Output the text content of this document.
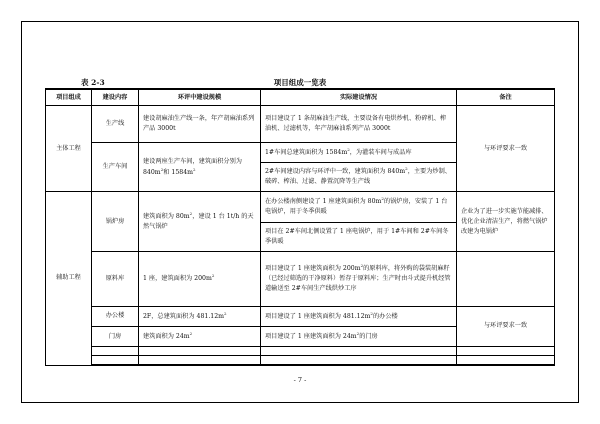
表 2-3	项目组成一览表
项目组成	建设内容	环评中建设规模	实际建设情况	备注
主体工程	生产线	建设胡麻油生产线一条，年产胡麻油系列产品 3000t	项目建设了 1 条胡麻油生产线，主要设备有电烘炒机、粉碎机、榨油机、过滤机等，年产胡麻油系列产品 3000t	与环评要求一致
	生产车间	建设两座生产车间，建筑面积分别为 $840m^2$和 $1584m^2$	1#车间总建筑面积为 $1584m^2$，为灌装车间与成品库	
			2#车间建设内容与环评中一致，建筑面积为 $840m^2$，主要为炒制、破碎、榨油、过滤、静置沉降等生产线	
辅助工程	锅炉房	建筑面积为 $80m^2$，建设 1 台 1t/h 的天然气锅炉	在办公楼南侧建设了 1 座建筑面积为 $80m^2$的锅炉房，安装了 1 台电锅炉，用于冬季供暖	企业为了进一步实施节能减排、优化企业清洁生产，将燃气锅炉改建为电锅炉
			项目在 2#车间北侧设置了 1 座电锅炉，用于 1#车间和 2#车间冬季供暖	
	原料库	1 座，建筑面积为 $200m^2$	项目建设了 1 座建筑面积为 $200m^2$的原料库，将外购的袋装胡麻籽（已经过筛选的干净原料）暂存于原料库；生产时由斗式提升机经管道输送至 2#车间生产线烘炒工序	
	办公楼	2F，总建筑面积为 $481.12m^2$	项目建设了 1 座建筑面积为 $481.12m^2$的办公楼	与环评要求一致
	门房	建筑面积为 $24m^2$	项目建设了 1 座建筑面积为 $24m^2$的门房	

- 7 -
